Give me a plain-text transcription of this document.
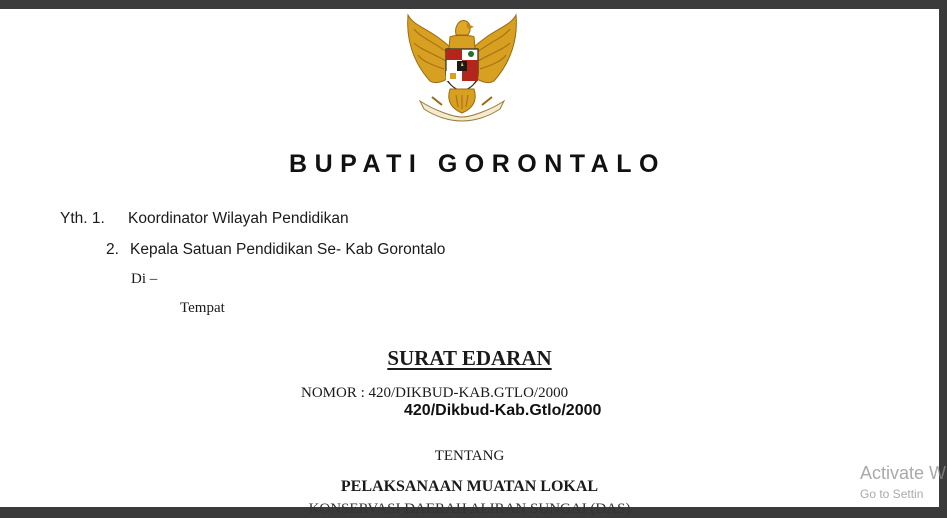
BUPATI GORONTALO
Yth. 1. Koordinator Wilayah Pendidikan
2. Kepala Satuan Pendidikan Se- Kab Gorontalo
Di –
Tempat
SURAT EDARAN
NOMOR : 420/DIKBUD-KAB.GTLO/2000
420/Dikbud-Kab.Gtlo/2000
TENTANG
PELAKSANAAN MUATAN LOKAL
KONSERVASI DAERAH ALIRAN SUNGAI (DAS)
Activate W
Go to Settin
